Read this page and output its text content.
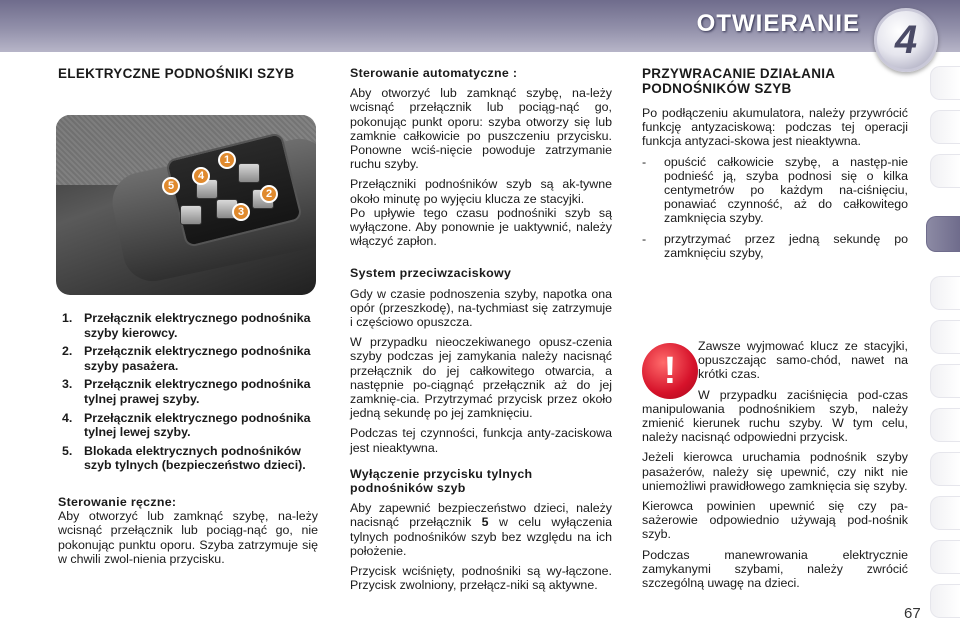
OTWIERANIE 4
ELEKTRYCZNE PODNOŚNIKI SZYB
1
2
3
4
5
1. Przełącznik elektrycznego podnośnika szyby kierowcy.
2. Przełącznik elektrycznego podnośnika szyby pasażera.
3. Przełącznik elektrycznego podnośnika tylnej prawej szyby.
4. Przełącznik elektrycznego podnośnika tylnej lewej szyby.
5. Blokada elektrycznych podnośników szyb tylnych (bezpieczeństwo dzieci).
Sterowanie ręczne:

Aby otworzyć lub zamknąć szybę, na-leży wcisnąć przełącznik lub pociąg-nąć go, nie pokonując punktu oporu. Szyba zatrzymuje się w chwili zwol-nienia przycisku.

Sterowanie automatyczne :

Aby otworzyć lub zamknąć szybę, na-leży wcisnąć przełącznik lub pociąg-nąć go, pokonując punkt oporu: szyba otworzy się lub zamknie całkowicie po puszczeniu przycisku. Ponowne wciś-nięcie powoduje zatrzymanie ruchu szyby.

Przełączniki podnośników szyb są ak-tywne około minutę po wyjęciu klucza ze stacyjki.

Po upływie tego czasu podnośniki szyb są wyłączone. Aby ponownie je uaktywnić, należy włączyć zapłon.

System przeciwzaciskowy

Gdy w czasie podnoszenia szyby, napotka ona opór (przeszkodę), na-tychmiast się zatrzymuje i częściowo opuszcza.

W przypadku nieoczekiwanego opusz-czenia szyby podczas jej zamykania należy nacisnąć przełącznik do jej całkowitego otwarcia, a następnie po-ciągnąć przełącznik aż do jej zamknię-cia. Przytrzymać przycisk przez około jedną sekundę po jej zamknięciu.

Podczas tej czynności, funkcja anty-zaciskowa jest nieaktywna.

Wyłączenie przycisku tylnych podnośników szyb

Aby zapewnić bezpieczeństwo dzieci, należy nacisnąć przełącznik 5 w celu wyłączenia tylnych podnośników szyb bez względu na ich położenie.

Przycisk wciśnięty, podnośniki są wy-łączone. Przycisk zwolniony, przełącz-niki są aktywne.

PRZYWRACANIE DZIAŁANIA PODNOŚNIKÓW SZYB

Po podłączeniu akumulatora, należy przywrócić funkcję antyzaciskową: podczas tej operacji funkcja antyzaci-skowa jest nieaktywna.

-	opuścić całkowicie szybę, a następ-nie podnieść ją, szyba podnosi się o kilka centymetrów po każdym na-ciśnięciu, ponawiać czynność, aż do całkowitego zamknięcia szyby.
-	przytrzymać przez jedną sekundę po zamknięciu szyby,
!

Zawsze wyjmować klucz ze stacyjki, opuszczając samo-chód, nawet na krótki czas.

W przypadku zaciśnięcia pod-czas manipulowania podnośnikiem szyb, należy zmienić kierunek ruchu szyby. W tym celu, należy nacisnąć odpowiedni przycisk.

Jeżeli kierowca uruchamia podnośnik szyby pasażerów, należy się upewnić, czy nikt nie uniemożliwi prawidłowego zamknięcia się szyby.

Kierowca powinien upewnić się czy pa-sażerowie odpowiednio używają pod-nośnik szyb.

Podczas manewrowania elektrycznie zamykanymi szybami, należy zwrócić szczególną uwagę na dzieci.

67
